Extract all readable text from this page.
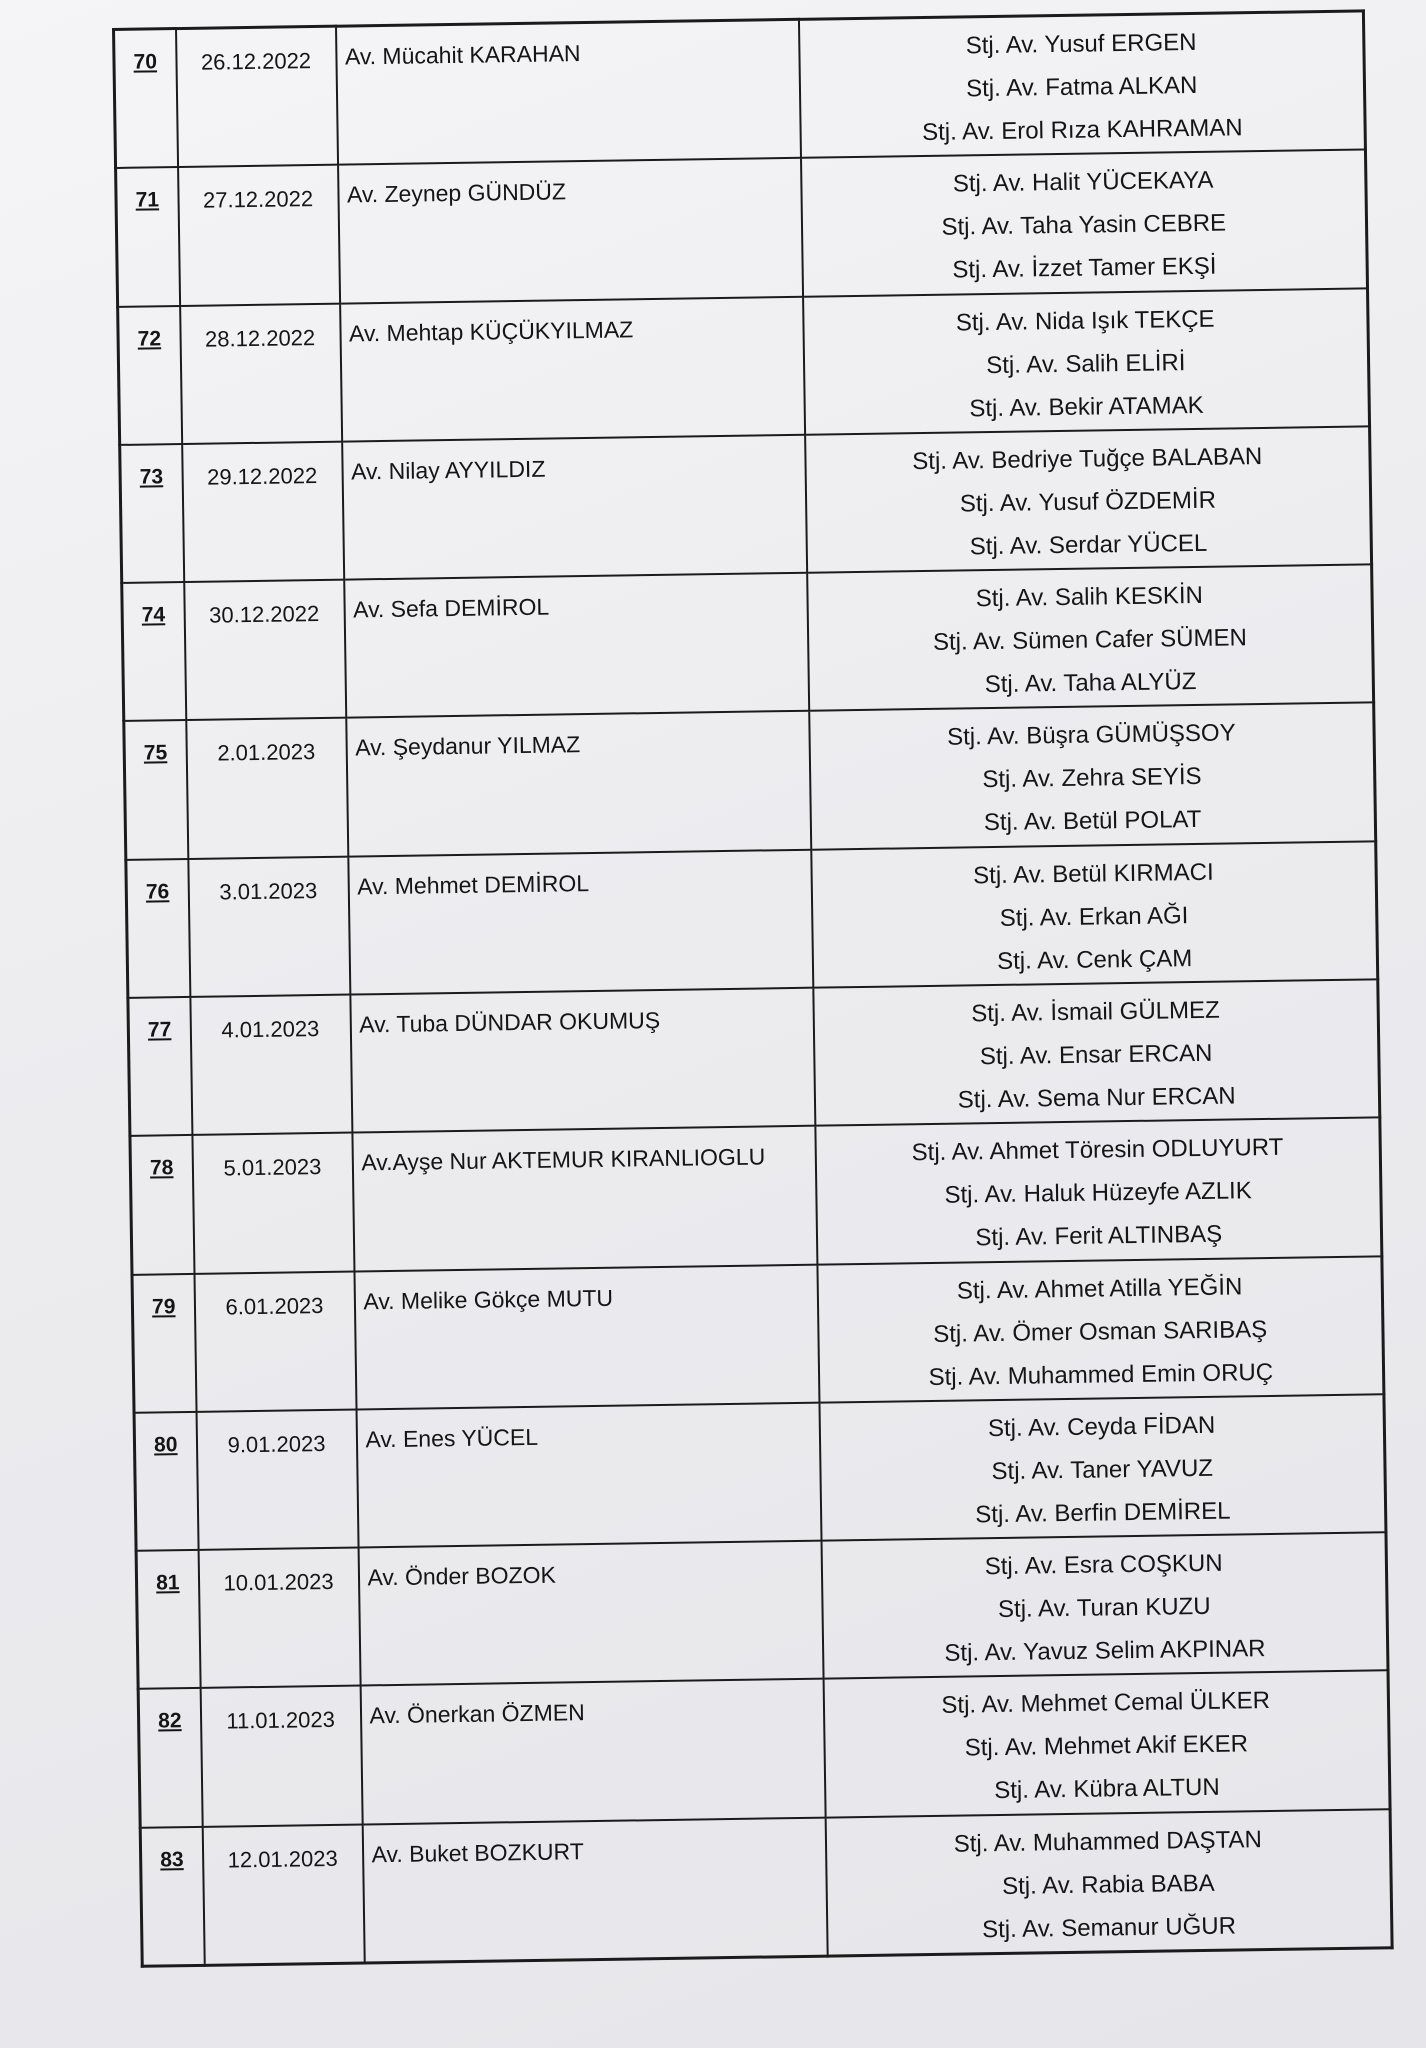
70	26.12.2022	Av. Mücahit KARAHAN	Stj. Av. Yusuf ERGEN
Stj. Av. Fatma ALKAN
Stj. Av. Erol Rıza KAHRAMAN

71	27.12.2022	Av. Zeynep GÜNDÜZ	Stj. Av. Halit YÜCEKAYA
Stj. Av. Taha Yasin CEBRE
Stj. Av. İzzet Tamer EKŞİ

72	28.12.2022	Av. Mehtap KÜÇÜKYILMAZ	Stj. Av. Nida Işık TEKÇE
Stj. Av. Salih ELİRİ
Stj. Av. Bekir ATAMAK

73	29.12.2022	Av. Nilay AYYILDIZ	Stj. Av. Bedriye Tuğçe BALABAN
Stj. Av. Yusuf ÖZDEMİR
Stj. Av. Serdar YÜCEL

74	30.12.2022	Av. Sefa DEMİROL	Stj. Av. Salih KESKİN
Stj. Av. Sümen Cafer SÜMEN
Stj. Av. Taha ALYÜZ

75	2.01.2023	Av. Şeydanur YILMAZ	Stj. Av. Büşra GÜMÜŞSOY
Stj. Av. Zehra SEYİS
Stj. Av. Betül POLAT

76	3.01.2023	Av. Mehmet DEMİROL	Stj. Av. Betül KIRMACI
Stj. Av. Erkan AĞI
Stj. Av. Cenk ÇAM

77	4.01.2023	Av. Tuba DÜNDAR OKUMUŞ	Stj. Av. İsmail GÜLMEZ
Stj. Av. Ensar ERCAN
Stj. Av. Sema Nur ERCAN

78	5.01.2023	Av.Ayşe Nur AKTEMUR KIRANLIOGLU	Stj. Av. Ahmet Töresin ODLUYURT
Stj. Av. Haluk Hüzeyfe AZLIK
Stj. Av. Ferit ALTINBAŞ

79	6.01.2023	Av. Melike Gökçe MUTU	Stj. Av. Ahmet Atilla YEĞİN
Stj. Av. Ömer Osman SARIBAŞ
Stj. Av. Muhammed Emin ORUÇ

80	9.01.2023	Av. Enes YÜCEL	Stj. Av. Ceyda FİDAN
Stj. Av. Taner YAVUZ
Stj. Av. Berfin DEMİREL

81	10.01.2023	Av. Önder BOZOK	Stj. Av. Esra COŞKUN
Stj. Av. Turan KUZU
Stj. Av. Yavuz Selim AKPINAR

82	11.01.2023	Av. Önerkan ÖZMEN	Stj. Av. Mehmet Cemal ÜLKER
Stj. Av. Mehmet Akif EKER
Stj. Av. Kübra ALTUN

83	12.01.2023	Av. Buket BOZKURT	Stj. Av. Muhammed DAŞTAN
Stj. Av. Rabia BABA
Stj. Av. Semanur UĞUR
